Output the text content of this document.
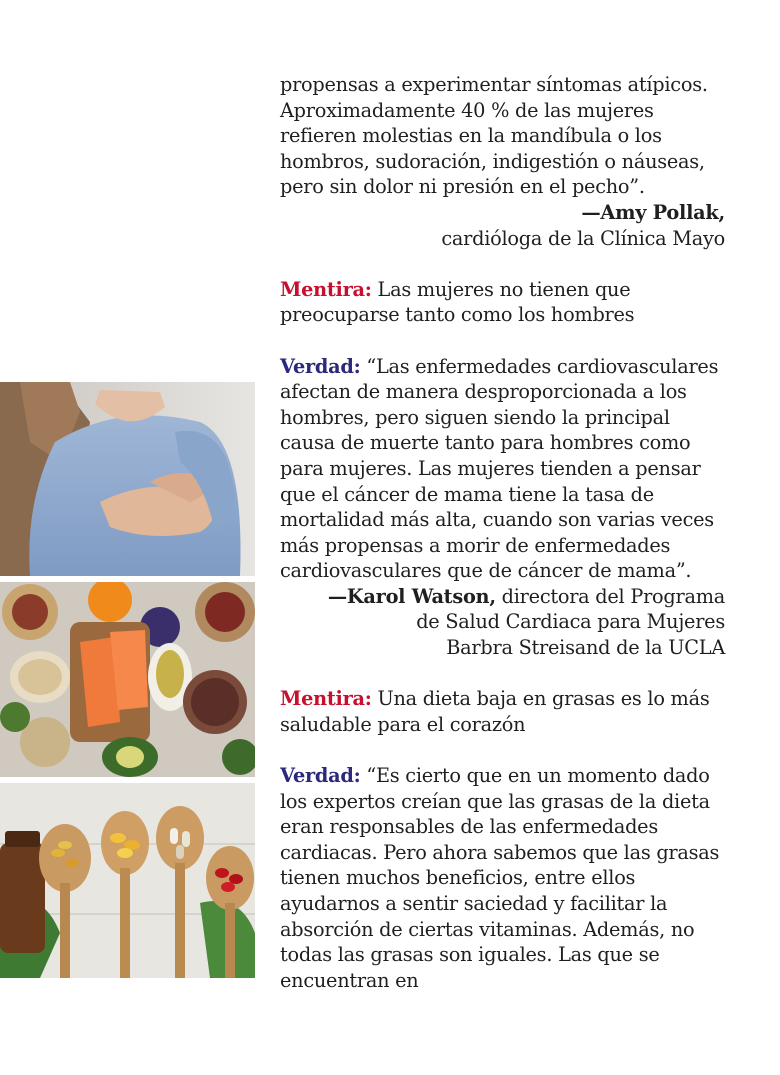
propensas a experimentar síntomas atípicos. Aproximadamente 40 % de las mujeres refieren molestias en la mandíbula o los hombros, sudoración, indigestión o náuseas, pero sin dolor ni presión en el pecho”.

—Amy Pollak,

cardióloga de la Clínica Mayo

Mentira: Las mujeres no tienen que preocuparse tanto como los hombres

Verdad: “Las enfermedades cardiovasculares afectan de manera desproporcionada a los hombres, pero siguen siendo la principal causa de muerte tanto para hombres como para mujeres. Las mujeres tienden a pensar que el cáncer de mama tiene la tasa de mortalidad más alta, cuando son varias veces más propensas a morir de enfermedades cardiovasculares que de cáncer de mama”.

—Karol Watson, directora del Programa

de Salud Cardiaca para Mujeres

Barbra Streisand de la UCLA

Mentira: Una dieta baja en grasas es lo más saludable para el corazón

Verdad: “Es cierto que en un momento dado los expertos creían que las grasas de la dieta eran responsables de las enfermedades cardiacas. Pero ahora sabemos que las grasas tienen muchos beneficios, entre ellos ayudarnos a sentir saciedad y facilitar la absorción de ciertas vitaminas. Además, no todas las grasas son iguales. Las que se encuentran en
